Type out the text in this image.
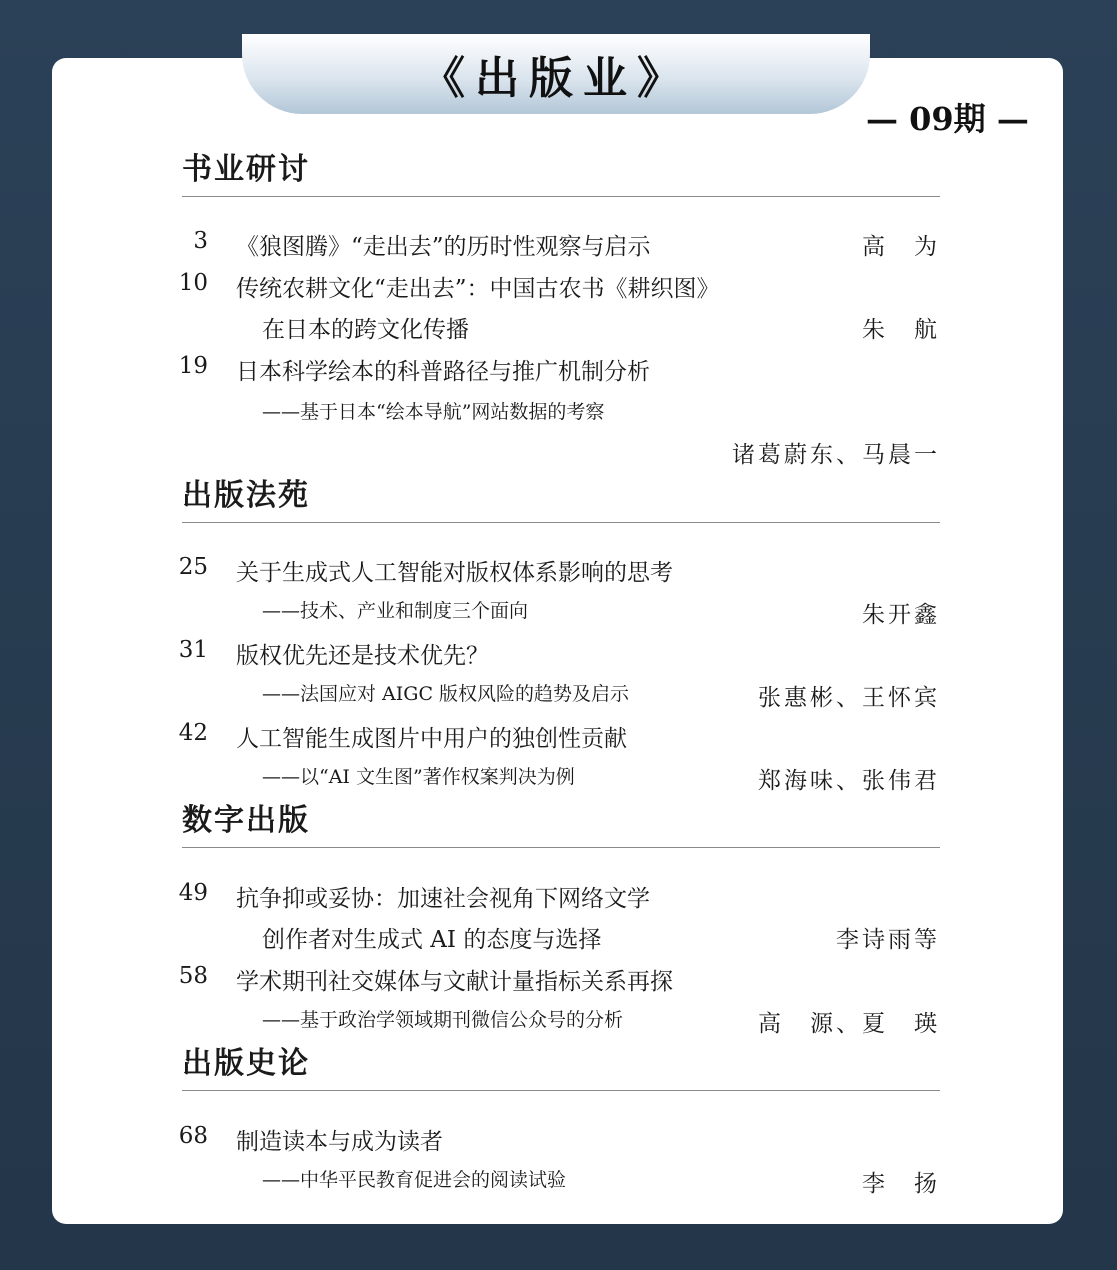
《出版业》
— 09期 —
书业研讨
3 《狼图腾》“走出去”的历时性观察与启示	高　为
10 传统农耕文化“走出去”：中国古农书《耕织图》
在日本的跨文化传播	朱　航
19 日本科学绘本的科普路径与推广机制分析
——基于日本“绘本导航”网站数据的考察
诸葛蔚东、马晨一
出版法苑
25 关于生成式人工智能对版权体系影响的思考
——技术、产业和制度三个面向	朱开鑫
31 版权优先还是技术优先？
——法国应对 AIGC 版权风险的趋势及启示	张惠彬、王怀宾
42 人工智能生成图片中用户的独创性贡献
——以“AI 文生图”著作权案判决为例	郑海味、张伟君
数字出版
49 抗争抑或妥协：加速社会视角下网络文学
创作者对生成式 AI 的态度与选择	李诗雨等
58 学术期刊社交媒体与文献计量指标关系再探
——基于政治学领域期刊微信公众号的分析	高　源、夏　瑛
出版史论
68 制造读本与成为读者
——中华平民教育促进会的阅读试验	李　扬
